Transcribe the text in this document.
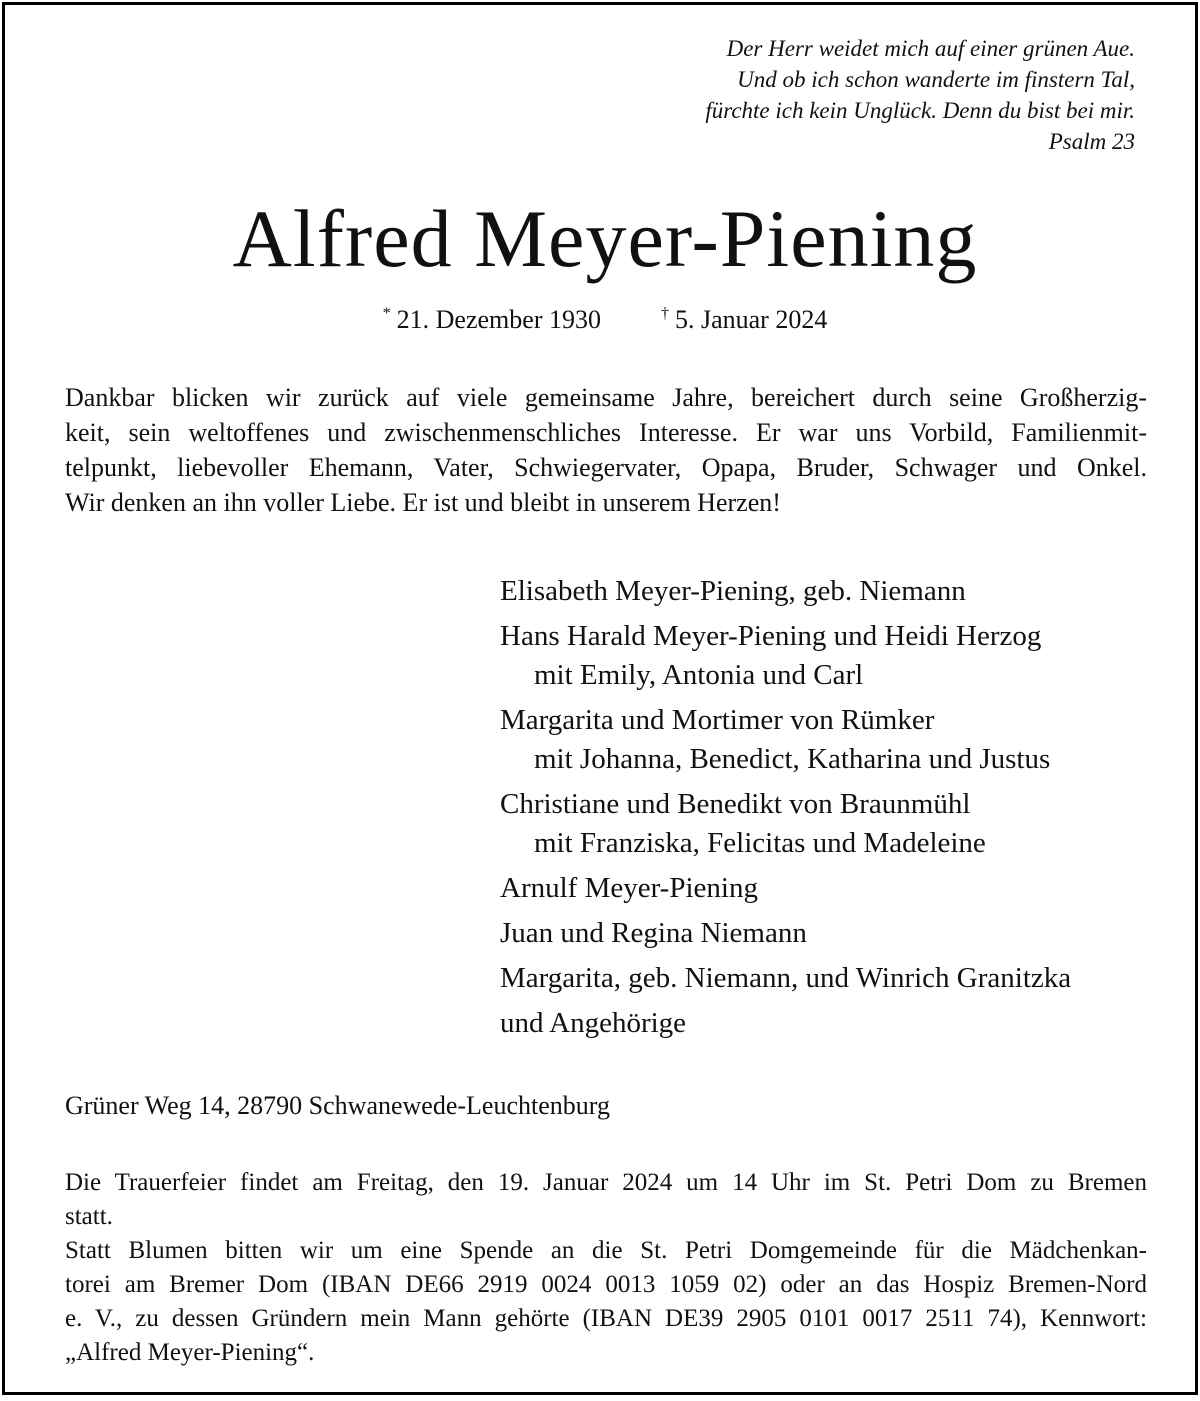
Der Herr weidet mich auf einer grünen Aue.
Und ob ich schon wanderte im finstern Tal,
fürchte ich kein Unglück. Denn du bist bei mir.
Psalm 23
Alfred Meyer-Piening
* 21. Dezember 1930	† 5. Januar 2024
Dankbar blicken wir zurück auf viele gemeinsame Jahre, bereichert durch seine Großherzig-
keit, sein weltoffenes und zwischenmenschliches Interesse. Er war uns Vorbild, Familienmit-
telpunkt, liebevoller Ehemann, Vater, Schwiegervater, Opapa, Bruder, Schwager und Onkel.
Wir denken an ihn voller Liebe. Er ist und bleibt in unserem Herzen!
Elisabeth Meyer-Piening, geb. Niemann
Hans Harald Meyer-Piening und Heidi Herzog
mit Emily, Antonia und Carl
Margarita und Mortimer von Rümker
mit Johanna, Benedict, Katharina und Justus
Christiane und Benedikt von Braunmühl
mit Franziska, Felicitas und Madeleine
Arnulf Meyer-Piening
Juan und Regina Niemann
Margarita, geb. Niemann, und Winrich Granitzka
und Angehörige
Grüner Weg 14, 28790 Schwanewede-Leuchtenburg
Die Trauerfeier findet am Freitag, den 19. Januar 2024 um 14 Uhr im St. Petri Dom zu Bremen
statt.
Statt Blumen bitten wir um eine Spende an die St. Petri Domgemeinde für die Mädchenkan-
torei am Bremer Dom (IBAN DE66 2919 0024 0013 1059 02) oder an das Hospiz Bremen-Nord
e. V., zu dessen Gründern mein Mann gehörte (IBAN DE39 2905 0101 0017 2511 74), Kennwort:
„Alfred Meyer-Piening“.
